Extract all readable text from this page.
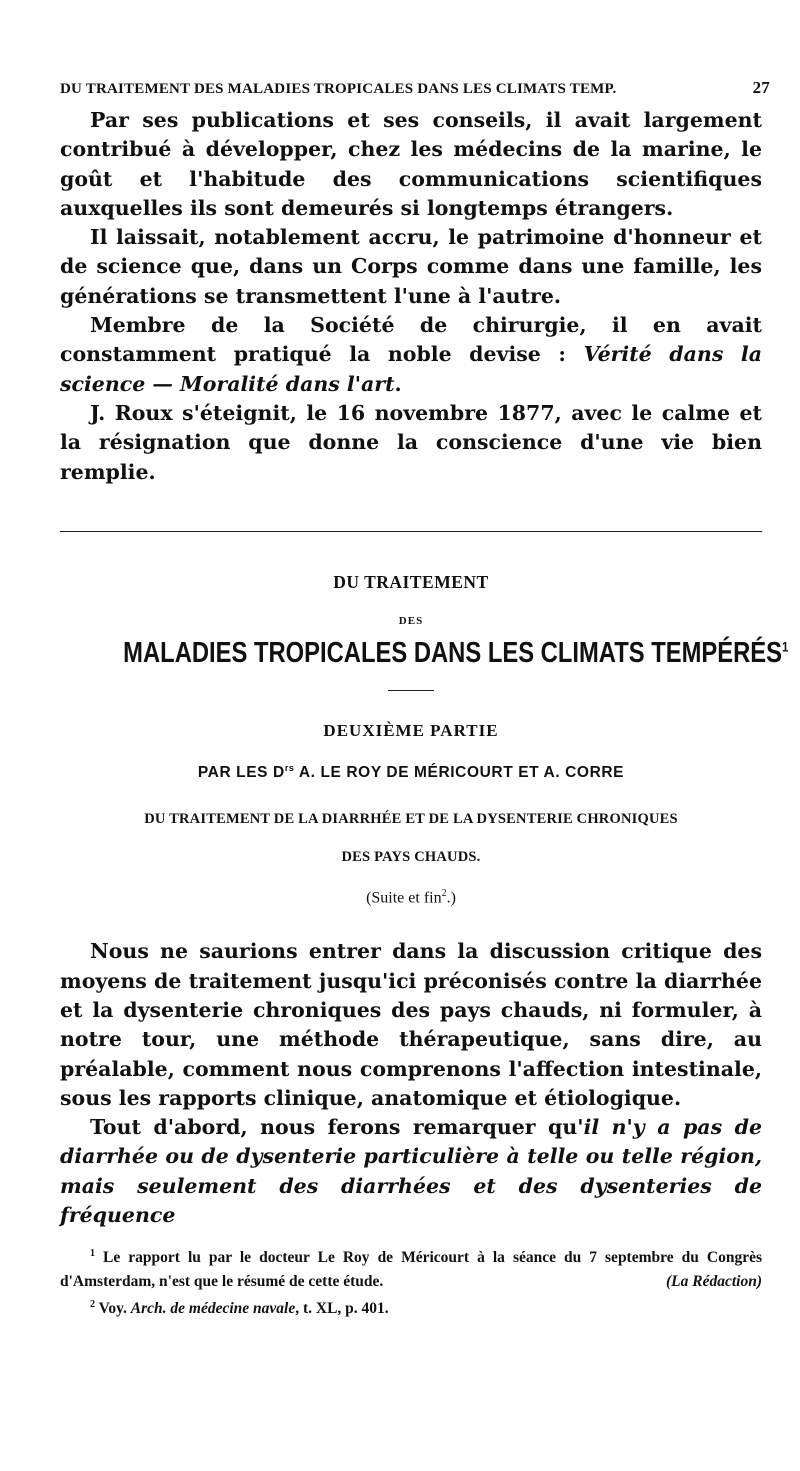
DU TRAITEMENT DES MALADIES TROPICALES DANS LES CLIMATS TEMP.	27

Par ses publications et ses conseils, il avait largement contribué à développer, chez les médecins de la marine, le goût et l'habitude des communications scientifiques auxquelles ils sont demeurés si longtemps étrangers.

Il laissait, notablement accru, le patrimoine d'honneur et de science que, dans un Corps comme dans une famille, les générations se transmettent l'une à l'autre.

Membre de la Société de chirurgie, il en avait constamment pratiqué la noble devise : Vérité dans la science — Moralité dans l'art.

J. Roux s'éteignit, le 16 novembre 1877, avec le calme et la résignation que donne la conscience d'une vie bien remplie.

DU TRAITEMENT
DES
MALADIES TROPICALES DANS LES CLIMATS TEMPÉRÉS$^1$
DEUXIÈME PARTIE
PAR LES $D^{rs}$ A. LE ROY DE MÉRICOURT ET A. CORRE
DU TRAITEMENT DE LA DIARRHÉE ET DE LA DYSENTERIE CHRONIQUES
DES PAYS CHAUDS.
(Suite et fin$^2$.)

Nous ne saurions entrer dans la discussion critique des moyens de traitement jusqu'ici préconisés contre la diarrhée et la dysenterie chroniques des pays chauds, ni formuler, à notre tour, une méthode thérapeutique, sans dire, au préalable, comment nous comprenons l'affection intestinale, sous les rapports clinique, anatomique et étiologique.

Tout d'abord, nous ferons remarquer qu'il n'y a pas de diarrhée ou de dysenterie particulière à telle ou telle région, mais seulement des diarrhées et des dysenteries de fréquence

$^1$ Le rapport lu par le docteur Le Roy de Méricourt à la séance du 7 septembre du Congrès d'Amsterdam, n'est que le résumé de cette étude.	(La Rédaction)

$^2$ Voy. Arch. de médecine navale, t. XL, p. 401.
